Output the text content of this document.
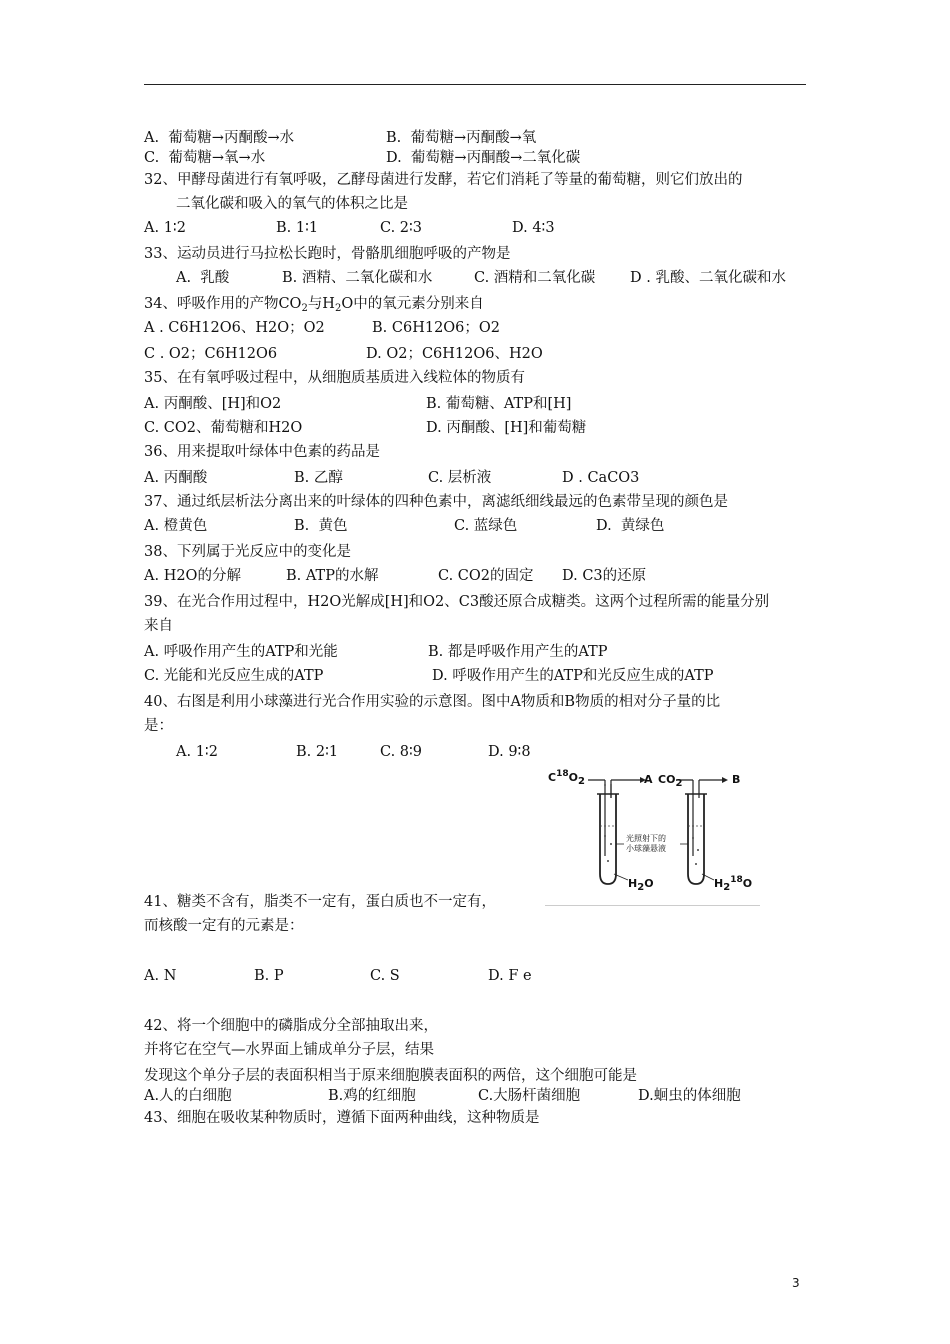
A.  葡萄糖→丙酮酸→水	B.  葡萄糖→丙酮酸→氧
C.  葡萄糖→氧→水	D.  葡萄糖→丙酮酸→二氧化碳
32、甲酵母菌进行有氧呼吸，乙酵母菌进行发酵，若它们消耗了等量的葡萄糖，则它们放出的
二氧化碳和吸入的氧气的体积之比是
A. 1∶2	B. 1∶1	C. 2∶3	D. 4∶3
33、运动员进行马拉松长跑时，骨骼肌细胞呼吸的产物是
A.  乳酸	B. 酒精、二氧化碳和水	C. 酒精和二氧化碳 D . 乳酸、二氧化碳和水
34、呼吸作用的产物$CO_2$与$H_2O$中的氧元素分别来自
A . C6H12O6、H2O；O2	B. C6H12O6；O2
C . O2；C6H12O6	D. O2；C6H12O6、H2O
35、在有氧呼吸过程中，从细胞质基质进入线粒体的物质有
A. 丙酮酸、[H]和O2	B. 葡萄糖、ATP和[H]
C. CO2、葡萄糖和H2O	D. 丙酮酸、[H]和葡萄糖
36、用来提取叶绿体中色素的药品是
A. 丙酮酸	B. 乙醇	C. 层析液	D . CaCO3
37、通过纸层析法分离出来的叶绿体的四种色素中，离滤纸细线最远的色素带呈现的颜色是
A. 橙黄色	B.  黄色	C. 蓝绿色	D.  黄绿色
38、下列属于光反应中的变化是
A. H2O的分解	B. ATP的水解	C. CO2的固定 D. C3的还原
39、在光合作用过程中，H2O光解成[H]和O2、C3酸还原合成糖类。这两个过程所需的能量分别
来自
A. 呼吸作用产生的ATP和光能	B. 都是呼吸作用产生的ATP
C. 光能和光反应生成的ATP	D. 呼吸作用产生的ATP和光反应生成的ATP
40、右图是利用小球藻进行光合作用实验的示意图。图中A物质和B物质的相对分子量的比
是：
A. 1∶2	B. 2∶1	C. 8∶9	D. 9∶8
$C^{18}O_2$	A $CO_2$	B
光照射下的
小球藻悬液
$H_2O$	$H_2^{18}O$
41、糖类不含有，脂类不一定有，蛋白质也不一定有，
而核酸一定有的元素是：
A. N	B. P	C. S	D. F e
42、将一个细胞中的磷脂成分全部抽取出来，
并将它在空气—水界面上铺成单分子层，结果
发现这个单分子层的表面积相当于原来细胞膜表面积的两倍，这个细胞可能是
A.人的白细胞	B.鸡的红细胞	C.大肠杆菌细胞	D.蛔虫的体细胞
43、细胞在吸收某种物质时，遵循下面两种曲线，这种物质是
3
